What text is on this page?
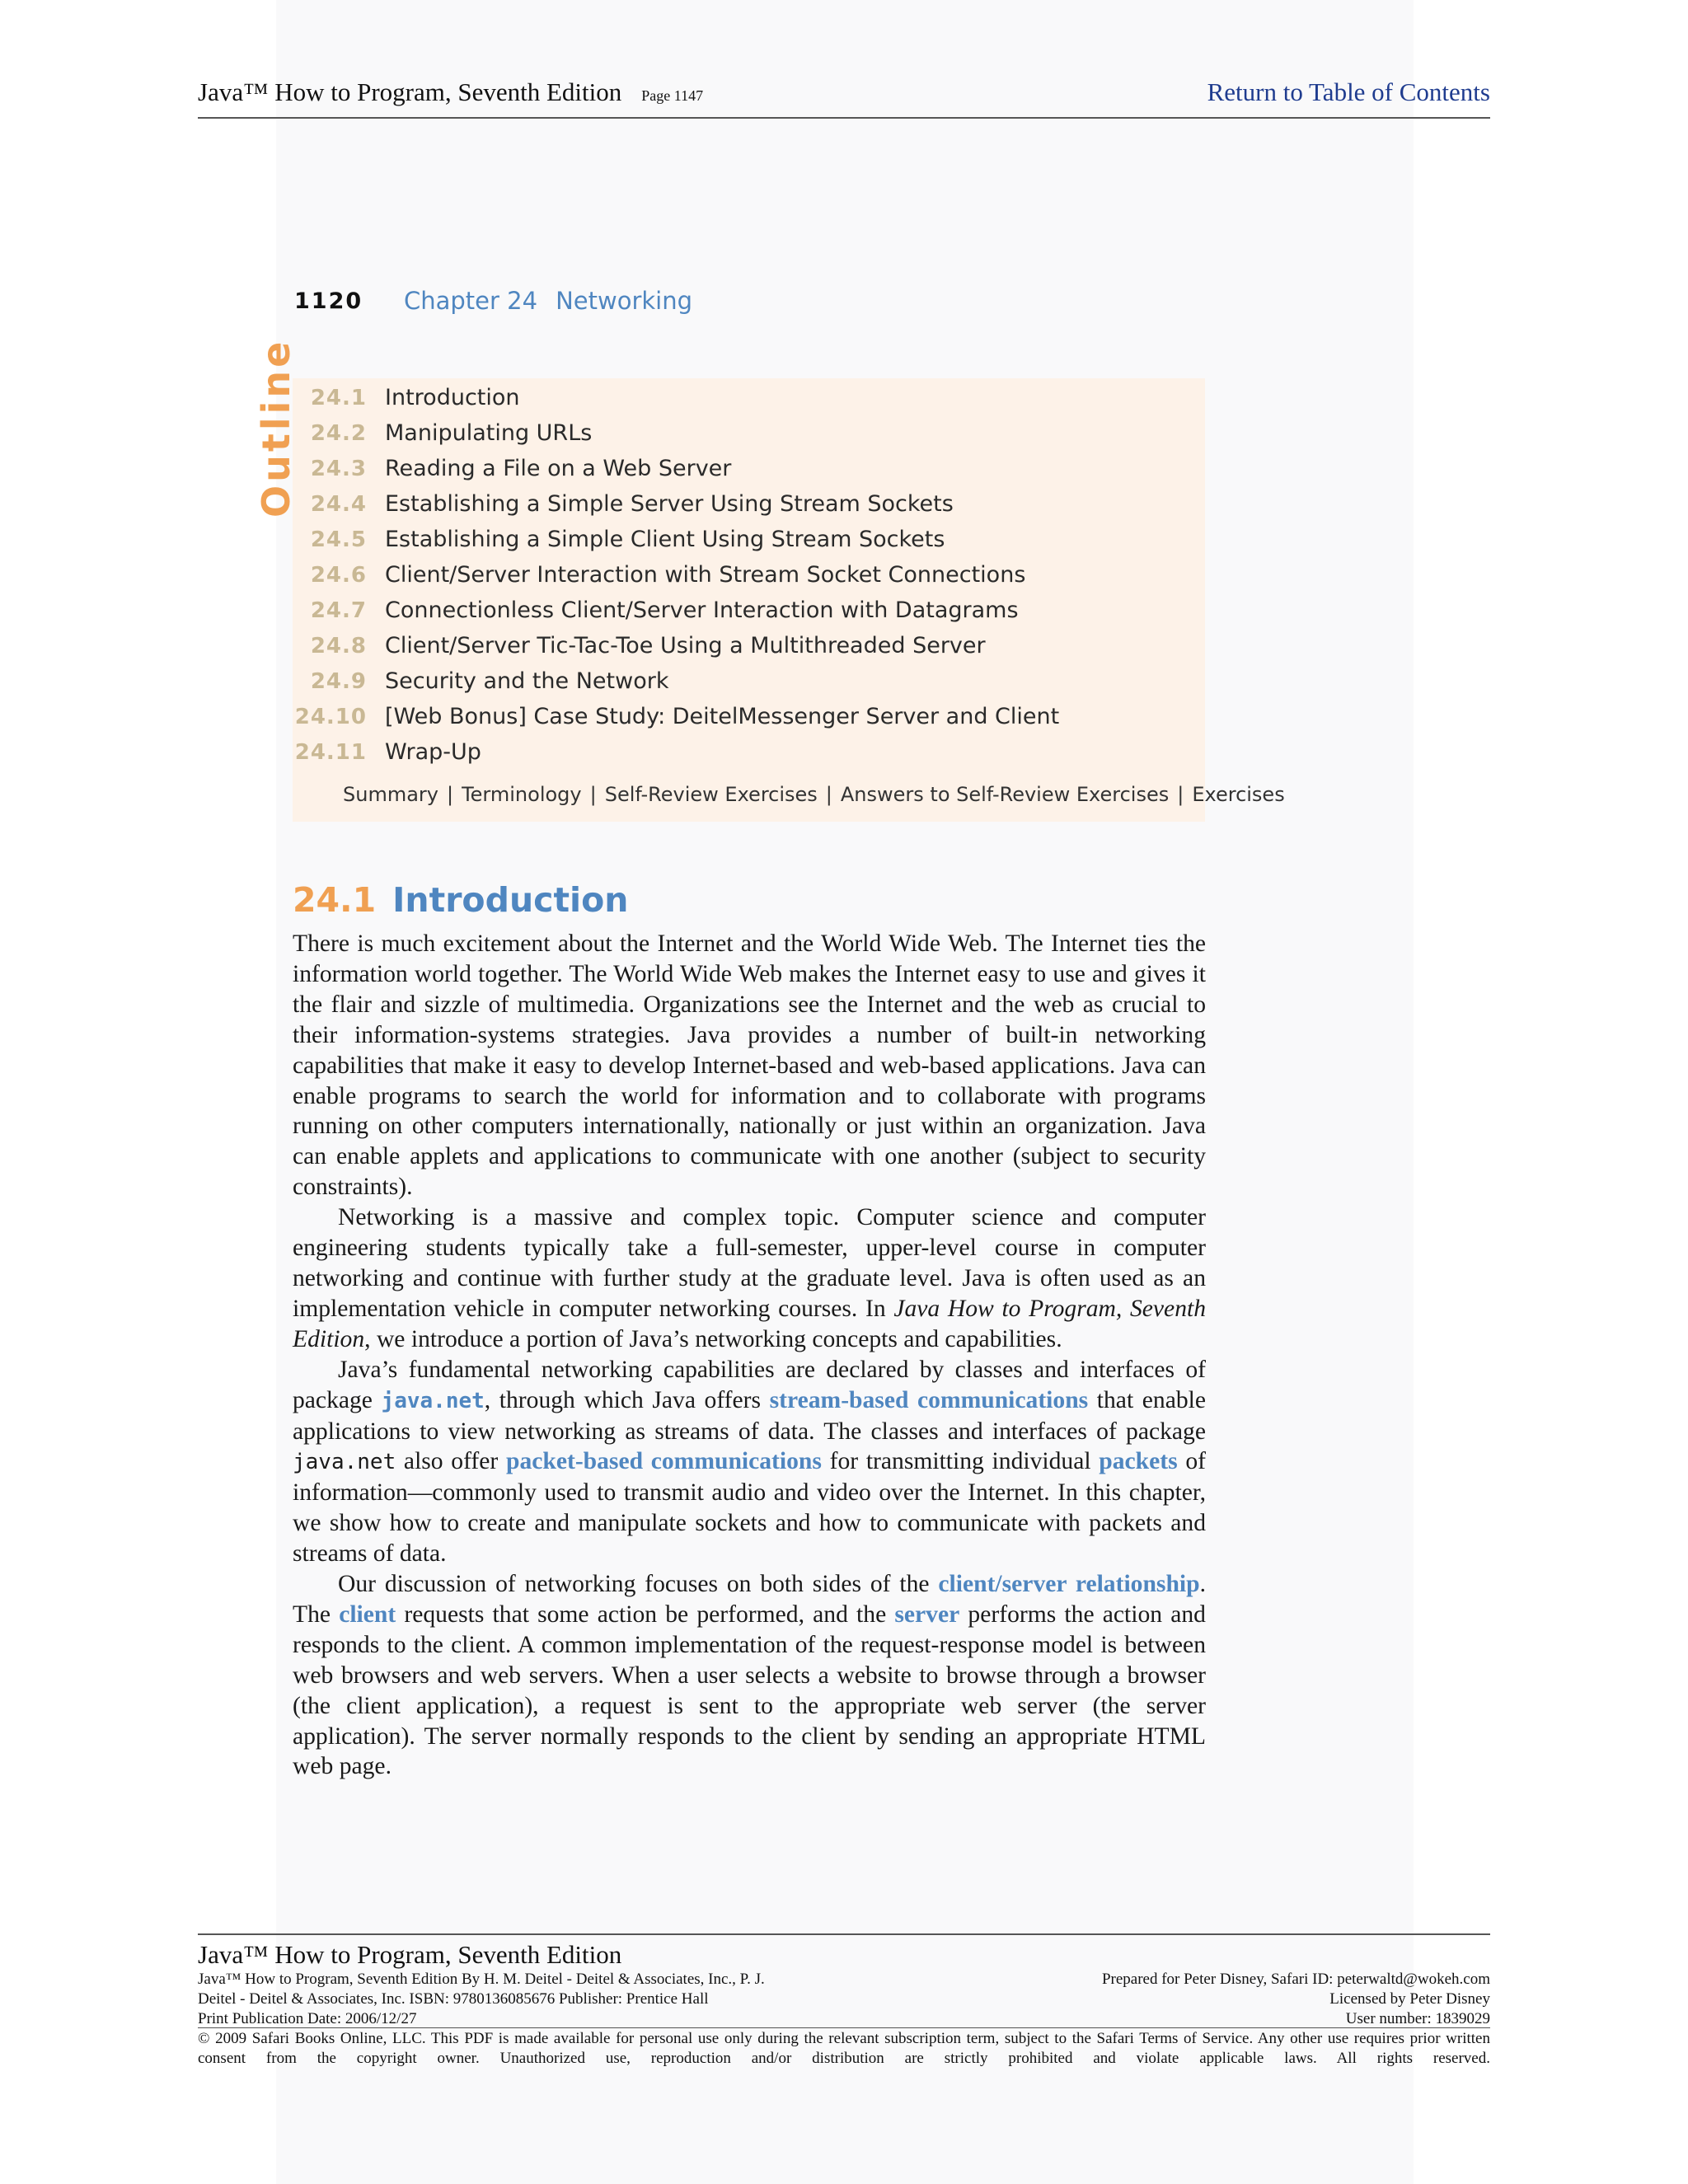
Java™ How to Program, Seventh Edition Page 1147	Return to Table of Contents
1120 Chapter 24 Networking
Outline 24.1 Introduction
24.2 Manipulating URLs
24.3 Reading a File on a Web Server
24.4 Establishing a Simple Server Using Stream Sockets
24.5 Establishing a Simple Client Using Stream Sockets
24.6 Client/Server Interaction with Stream Socket Connections
24.7 Connectionless Client/Server Interaction with Datagrams
24.8 Client/Server Tic-Tac-Toe Using a Multithreaded Server
24.9 Security and the Network
24.10 [Web Bonus] Case Study: DeitelMessenger Server and Client
24.11 Wrap-Up
Summary | Terminology | Self-Review Exercises | Answers to Self-Review Exercises | Exercises
24.1 Introduction

There is much excitement about the Internet and the World Wide Web. The Internet ties the information world together. The World Wide Web makes the Internet easy to use and gives it the flair and sizzle of multimedia. Organizations see the Internet and the web as crucial to their information-systems strategies. Java provides a number of built-in networking capabilities that make it easy to develop Internet-based and web-based applications. Java can enable programs to search the world for information and to collaborate with programs running on other computers internationally, nationally or just within an organization. Java can enable applets and applications to communicate with one another (subject to security constraints).

Networking is a massive and complex topic. Computer science and computer engineering students typically take a full-semester, upper-level course in computer networking and continue with further study at the graduate level. Java is often used as an implementation vehicle in computer networking courses. In Java How to Program, Seventh Edition, we introduce a portion of Java’s networking concepts and capabilities.

Java’s fundamental networking capabilities are declared by classes and interfaces of package java.net, through which Java offers stream-based communications that enable applications to view networking as streams of data. The classes and interfaces of package java.net also offer packet-based communications for transmitting individual packets of information—commonly used to transmit audio and video over the Internet. In this chapter, we show how to create and manipulate sockets and how to communicate with packets and streams of data.

Our discussion of networking focuses on both sides of the client/server relationship. The client requests that some action be performed, and the server performs the action and responds to the client. A common implementation of the request-response model is between web browsers and web servers. When a user selects a website to browse through a browser (the client application), a request is sent to the appropriate web server (the server application). The server normally responds to the client by sending an appropriate HTML web page.

Java™ How to Program, Seventh Edition
Java™ How to Program, Seventh Edition By H. M. Deitel - Deitel & Associates, Inc., P. J.
Deitel - Deitel & Associates, Inc. ISBN: 9780136085676 Publisher: Prentice Hall
Print Publication Date: 2006/12/27
Prepared for Peter Disney, Safari ID: peterwaltd@wokeh.com
Licensed by Peter Disney
User number: 1839029
© 2009 Safari Books Online, LLC. This PDF is made available for personal use only during the relevant subscription term, subject to the Safari Terms of Service. Any other use requires prior written consent from the copyright owner. Unauthorized use, reproduction and/or distribution are strictly prohibited and violate applicable laws. All rights reserved.
